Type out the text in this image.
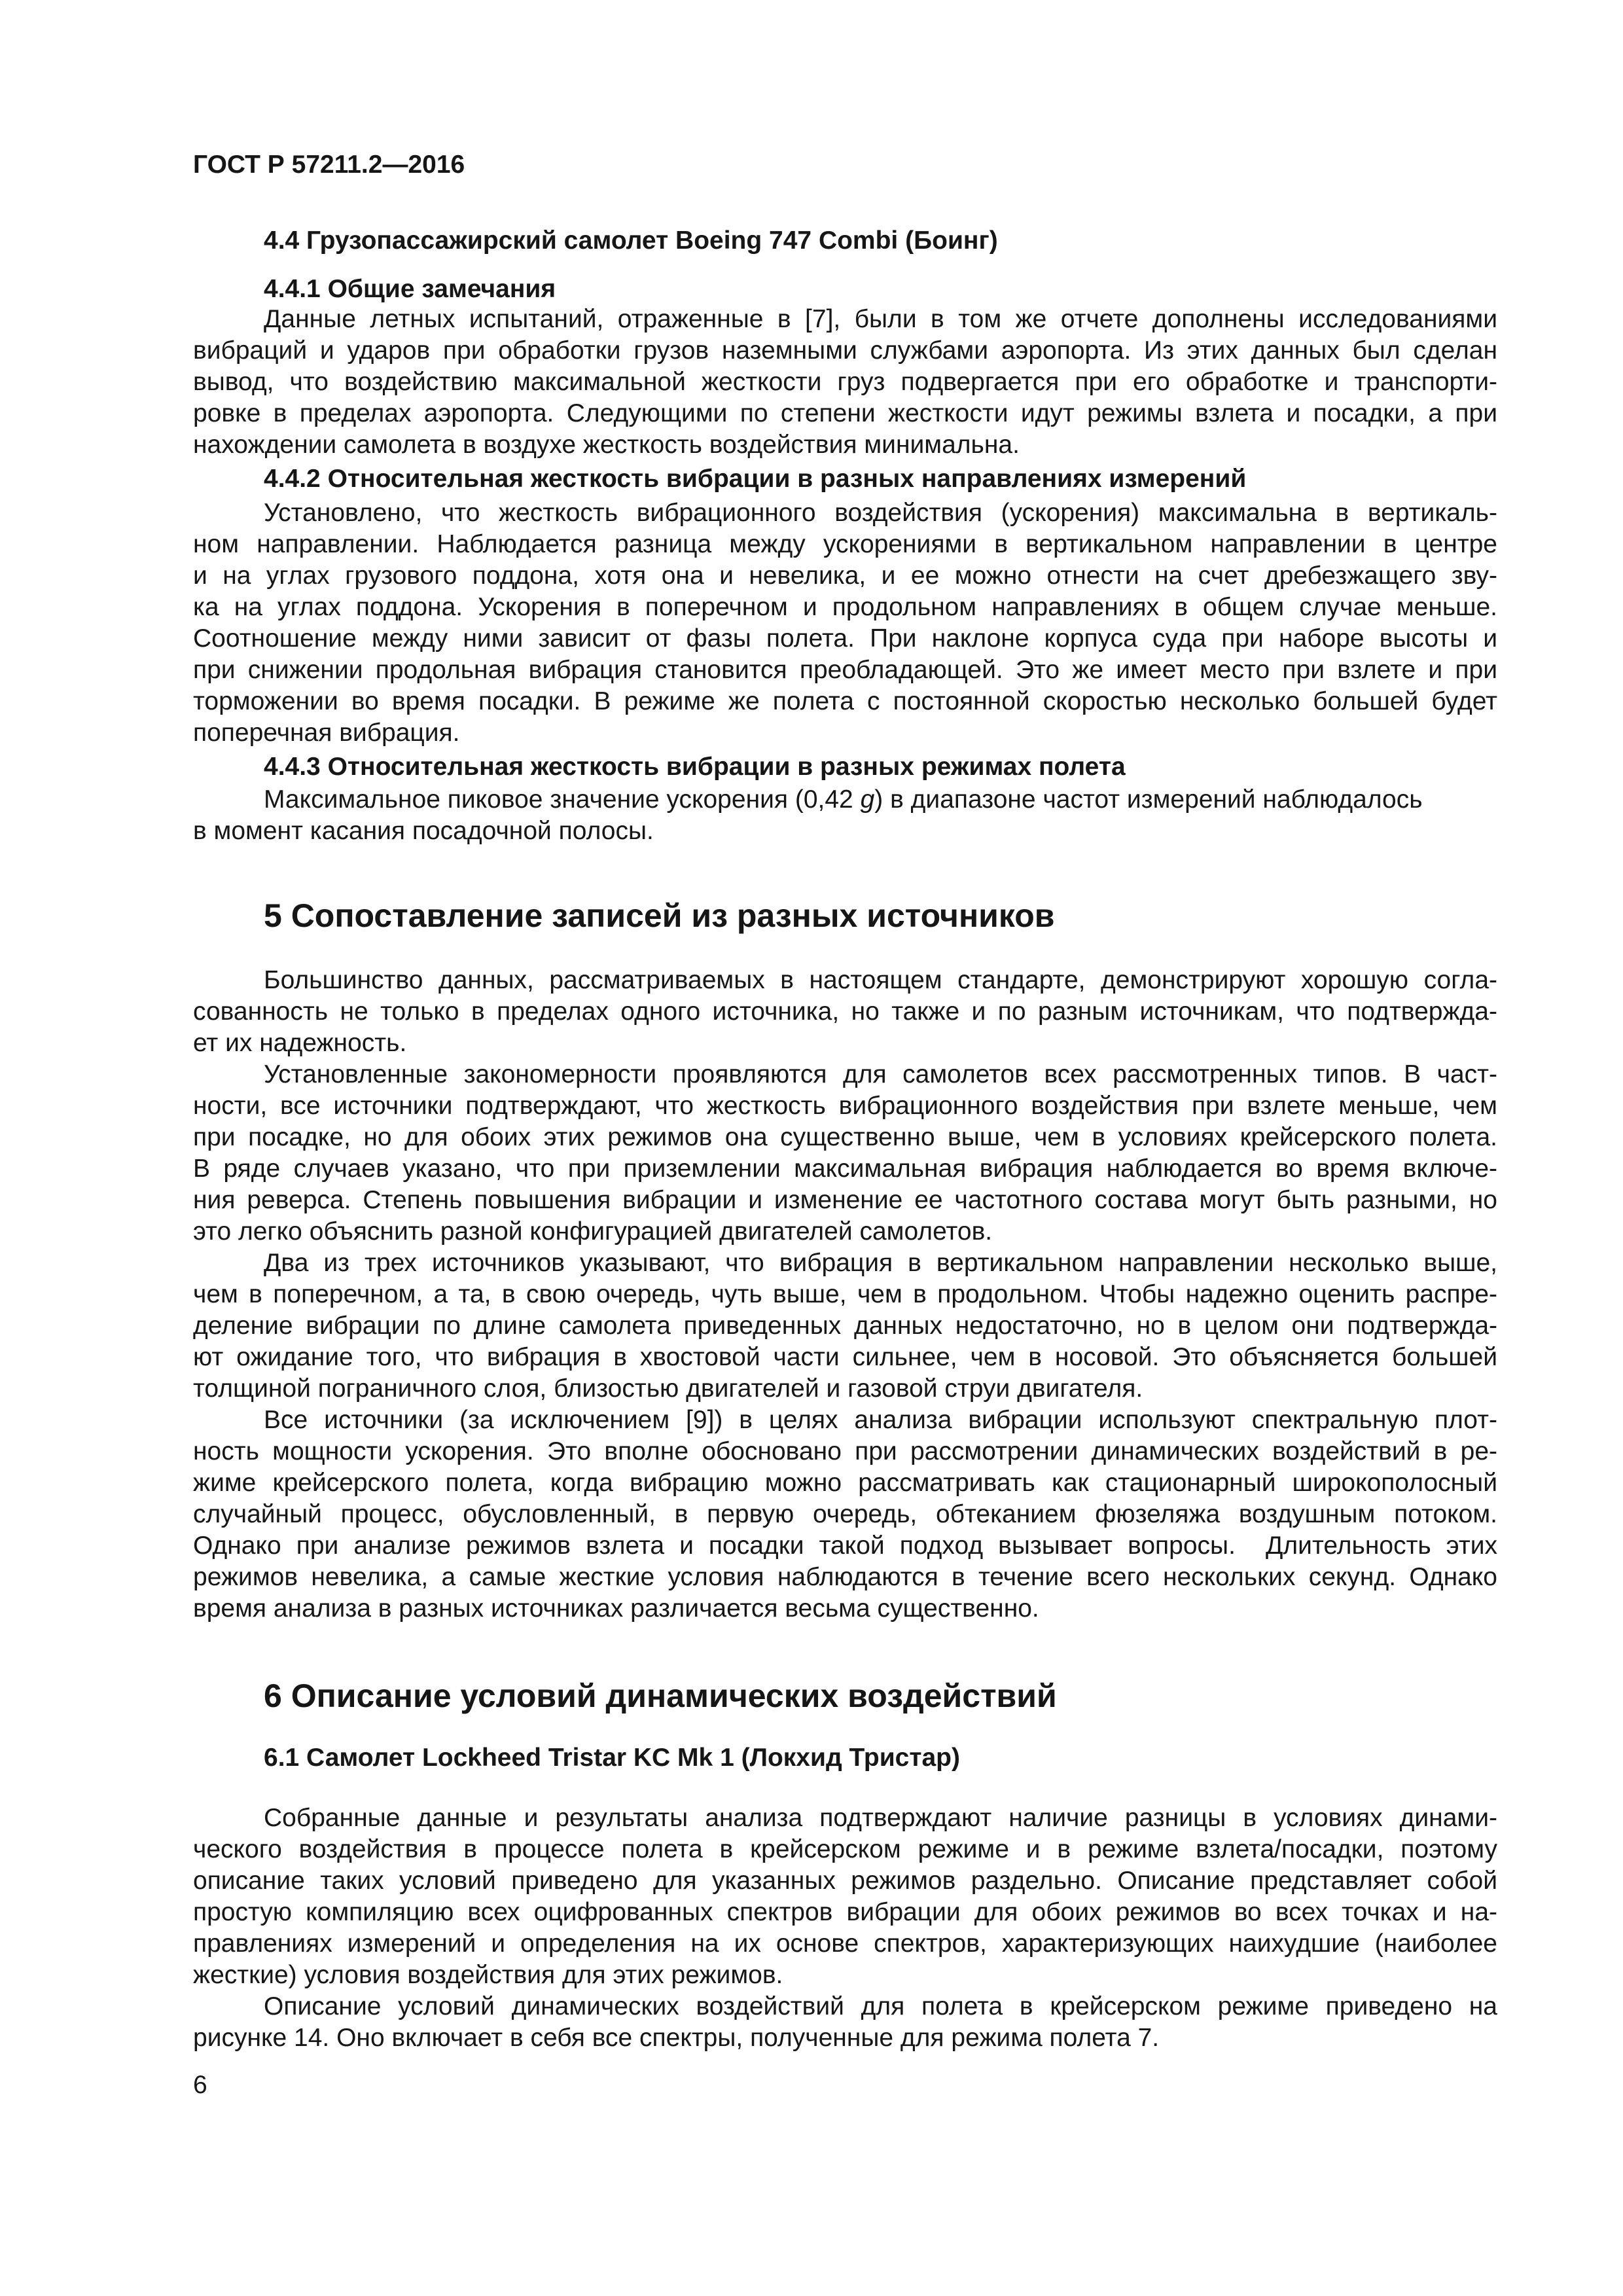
ГОСТ Р 57211.2—2016
4.4 Грузопассажирский самолет Boeing 747 Combi (Боинг)
4.4.1 Общие замечания
Данные летных испытаний, отраженные в [7], были в том же отчете дополнены исследованиями
вибраций и ударов при обработки грузов наземными службами аэропорта. Из этих данных был сделан
вывод, что воздействию максимальной жесткости груз подвергается при его обработке и транспорти-
ровке в пределах аэропорта. Следующими по степени жесткости идут режимы взлета и посадки, а при
нахождении самолета в воздухе жесткость воздействия минимальна.
4.4.2 Относительная жесткость вибрации в разных направлениях измерений
Установлено, что жесткость вибрационного воздействия (ускорения) максимальна в вертикаль-
ном направлении. Наблюдается разница между ускорениями в вертикальном направлении в центре
и на углах грузового поддона, хотя она и невелика, и ее можно отнести на счет дребезжащего зву-
ка на углах поддона. Ускорения в поперечном и продольном направлениях в общем случае меньше.
Соотношение между ними зависит от фазы полета. При наклоне корпуса суда при наборе высоты и
при снижении продольная вибрация становится преобладающей. Это же имеет место при взлете и при
торможении во время посадки. В режиме же полета с постоянной скоростью несколько большей будет
поперечная вибрация.
4.4.3 Относительная жесткость вибрации в разных режимах полета
Максимальное пиковое значение ускорения (0,42 g) в диапазоне частот измерений наблюдалось
в момент касания посадочной полосы.
5 Сопоставление записей из разных источников
Большинство данных, рассматриваемых в настоящем стандарте, демонстрируют хорошую согла-
сованность не только в пределах одного источника, но также и по разным источникам, что подтвержда-
ет их надежность.
Установленные закономерности проявляются для самолетов всех рассмотренных типов. В част-
ности, все источники подтверждают, что жесткость вибрационного воздействия при взлете меньше, чем
при посадке, но для обоих этих режимов она существенно выше, чем в условиях крейсерского полета.
В ряде случаев указано, что при приземлении максимальная вибрация наблюдается во время включе-
ния реверса. Степень повышения вибрации и изменение ее частотного состава могут быть разными, но
это легко объяснить разной конфигурацией двигателей самолетов.
Два из трех источников указывают, что вибрация в вертикальном направлении несколько выше,
чем в поперечном, а та, в свою очередь, чуть выше, чем в продольном. Чтобы надежно оценить распре-
деление вибрации по длине самолета приведенных данных недостаточно, но в целом они подтвержда-
ют ожидание того, что вибрация в хвостовой части сильнее, чем в носовой. Это объясняется большей
толщиной пограничного слоя, близостью двигателей и газовой струи двигателя.
Все источники (за исключением [9]) в целях анализа вибрации используют спектральную плот-
ность мощности ускорения. Это вполне обосновано при рассмотрении динамических воздействий в ре-
жиме крейсерского полета, когда вибрацию можно рассматривать как стационарный широкополосный
случайный процесс, обусловленный, в первую очередь, обтеканием фюзеляжа воздушным потоком.
Однако при анализе режимов взлета и посадки такой подход вызывает вопросы.  Длительность этих
режимов невелика, а самые жесткие условия наблюдаются в течение всего нескольких секунд. Однако
время анализа в разных источниках различается весьма существенно.
6 Описание условий динамических воздействий
6.1 Самолет Lockheed Tristar KC Mk 1 (Локхид Тристар)
Собранные данные и результаты анализа подтверждают наличие разницы в условиях динами-
ческого воздействия в процессе полета в крейсерском режиме и в режиме взлета/посадки, поэтому
описание таких условий приведено для указанных режимов раздельно. Описание представляет собой
простую компиляцию всех оцифрованных спектров вибрации для обоих режимов во всех точках и на-
правлениях измерений и определения на их основе спектров, характеризующих наихудшие (наиболее
жесткие) условия воздействия для этих режимов.
Описание условий динамических воздействий для полета в крейсерском режиме приведено на
рисунке 14. Оно включает в себя все спектры, полученные для режима полета 7.
6
